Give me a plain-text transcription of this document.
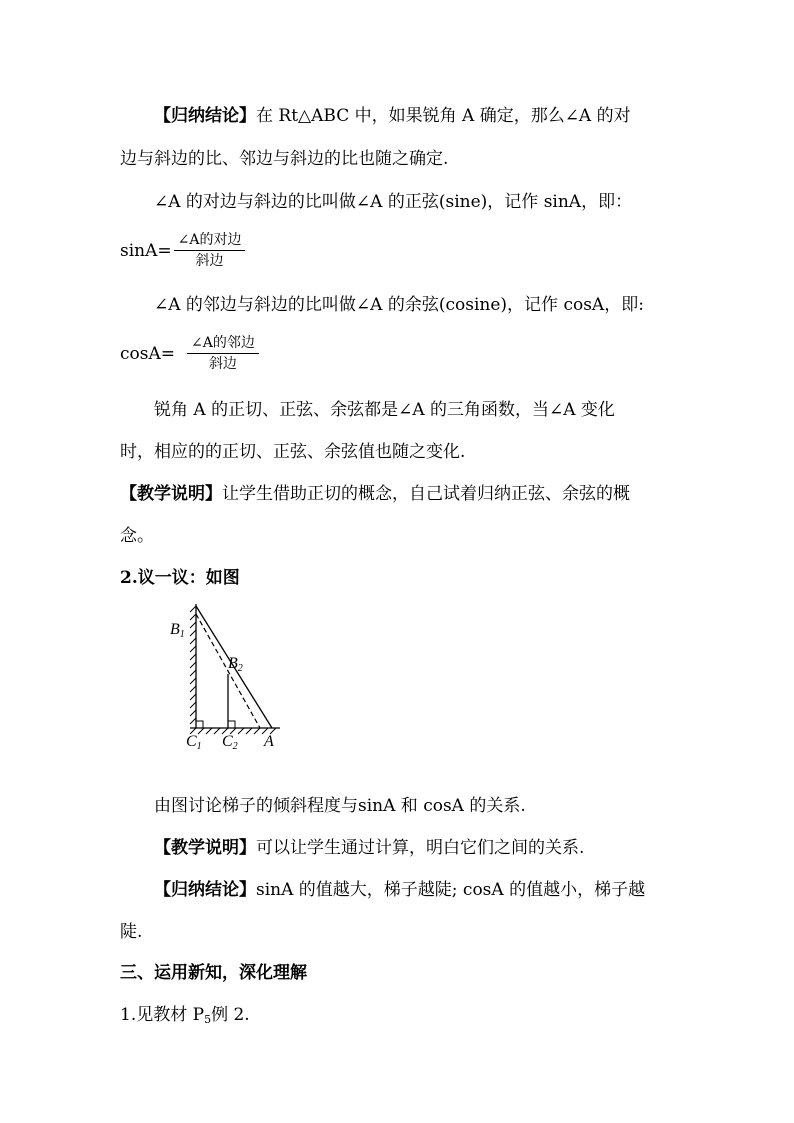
【归纳结论】在 Rt△ABC 中，如果锐角 A 确定，那么∠A 的对
边与斜边的比、邻边与斜边的比也随之确定.
∠A 的对边与斜边的比叫做∠A 的正弦(sine)，记作 sinA，即：
$\sin A= \frac{\text{∠A的对边}}{\text{斜边}}$
∠A 的邻边与斜边的比叫做∠A 的余弦(cosine)，记作 cosA，即:
$\cos A= \frac{\text{∠A的邻边}}{\text{斜边}}$
锐角 A 的正切、正弦、余弦都是∠A 的三角函数，当∠A 变化
时，相应的的正切、正弦、余弦值也随之变化.
【教学说明】让学生借助正切的概念，自己试着归纳正弦、余弦的概
念。
2.议一议：如图
B1
B2
C1 C2 A
由图讨论梯子的倾斜程度与sinA 和 cosA 的关系.
【教学说明】可以让学生通过计算，明白它们之间的关系.
【归纳结论】sinA 的值越大，梯子越陡; cosA 的值越小，梯子越
陡.
三、运用新知，深化理解
1.见教材 $P_5$例 2.
